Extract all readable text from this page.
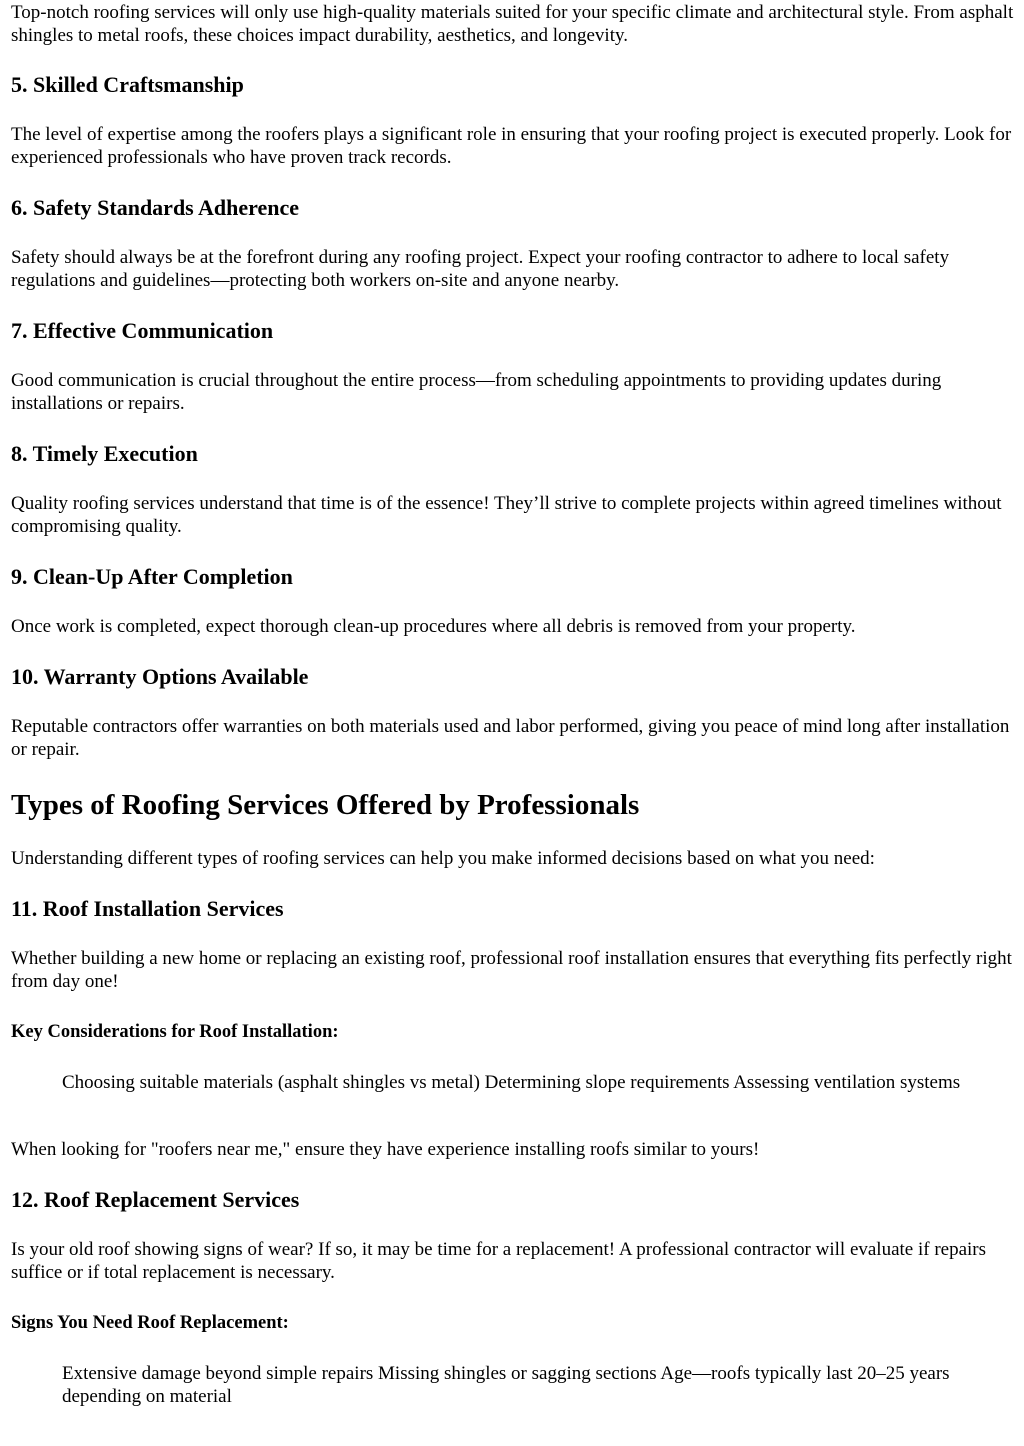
Top-notch roofing services will only use high-quality materials suited for your specific climate and architectural style. From asphalt shingles to metal roofs, these choices impact durability, aesthetics, and longevity.

5. Skilled Craftsmanship

The level of expertise among the roofers plays a significant role in ensuring that your roofing project is executed properly. Look for experienced professionals who have proven track records.

6. Safety Standards Adherence

Safety should always be at the forefront during any roofing project. Expect your roofing contractor to adhere to local safety regulations and guidelines—protecting both workers on-site and anyone nearby.

7. Effective Communication

Good communication is crucial throughout the entire process—from scheduling appointments to providing updates during installations or repairs.

8. Timely Execution

Quality roofing services understand that time is of the essence! They’ll strive to complete projects within agreed timelines without compromising quality.

9. Clean-Up After Completion

Once work is completed, expect thorough clean-up procedures where all debris is removed from your property.

10. Warranty Options Available

Reputable contractors offer warranties on both materials used and labor performed, giving you peace of mind long after installation or repair.

Types of Roofing Services Offered by Professionals

Understanding different types of roofing services can help you make informed decisions based on what you need:

11. Roof Installation Services

Whether building a new home or replacing an existing roof, professional roof installation ensures that everything fits perfectly right from day one!

Key Considerations for Roof Installation:

Choosing suitable materials (asphalt shingles vs metal) Determining slope requirements Assessing ventilation systems

When looking for "roofers near me," ensure they have experience installing roofs similar to yours!

12. Roof Replacement Services

Is your old roof showing signs of wear? If so, it may be time for a replacement! A professional contractor will evaluate if repairs suffice or if total replacement is necessary.

Signs You Need Roof Replacement:

Extensive damage beyond simple repairs Missing shingles or sagging sections Age—roofs typically last 20–25 years depending on material
